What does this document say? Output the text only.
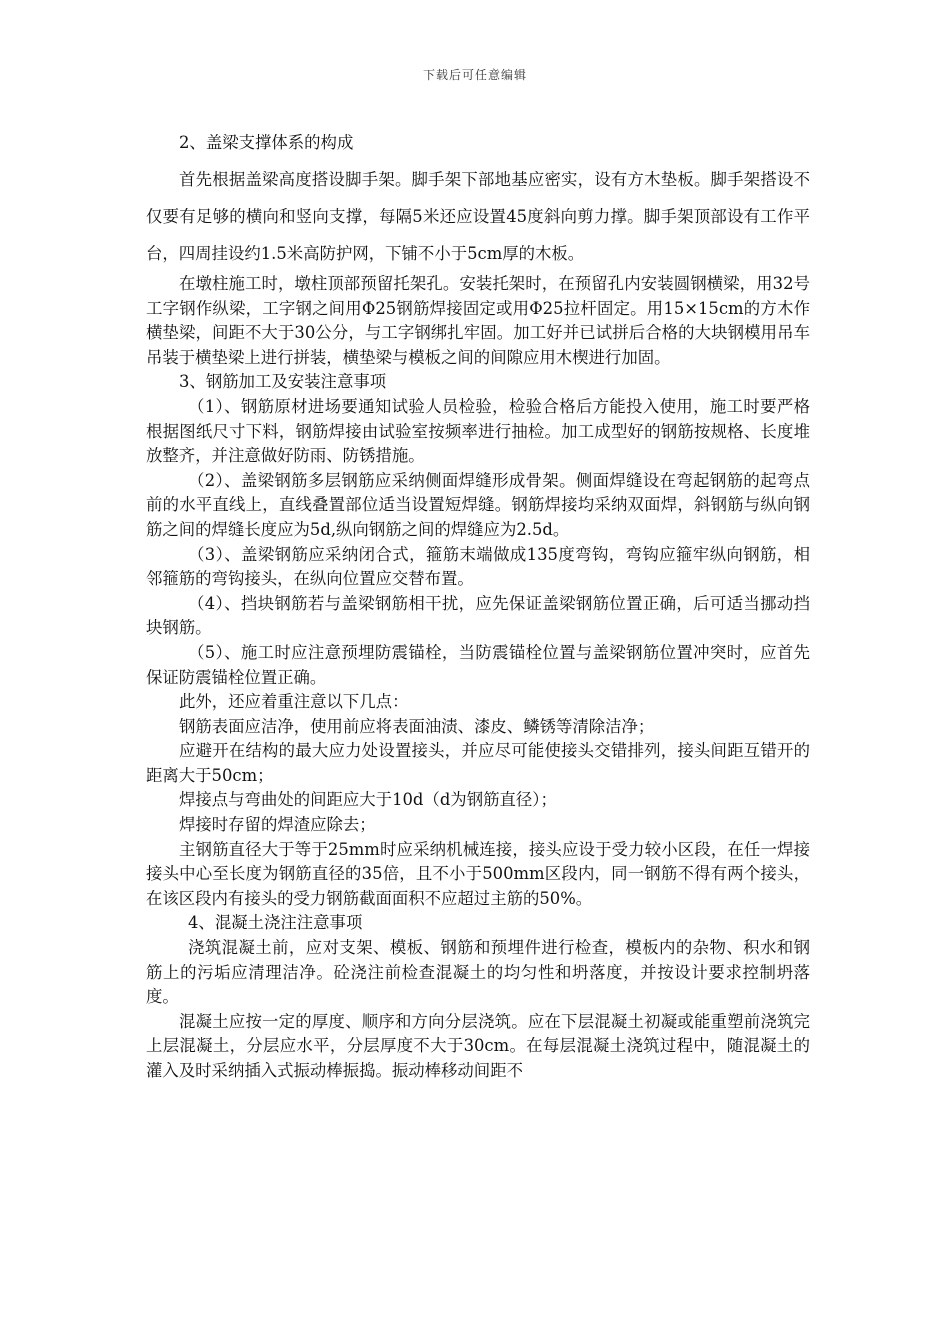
下载后可任意编辑

2、盖梁支撑体系的构成

首先根据盖梁高度搭设脚手架。脚手架下部地基应密实，设有方木垫板。脚手架搭设不仅要有足够的横向和竖向支撑，每隔5米还应设置45度斜向剪力撑。脚手架顶部设有工作平台，四周挂设约1.5米高防护网，下铺不小于5cm厚的木板。

在墩柱施工时，墩柱顶部预留托架孔。安装托架时，在预留孔内安装圆钢横梁，用32号工字钢作纵梁，工字钢之间用Φ25钢筋焊接固定或用Φ25拉杆固定。用15×15cm的方木作横垫梁，间距不大于30公分，与工字钢绑扎牢固。加工好并已试拼后合格的大块钢模用吊车吊装于横垫梁上进行拼装，横垫梁与模板之间的间隙应用木楔进行加固。

3、钢筋加工及安装注意事项

（1）、钢筋原材进场要通知试验人员检验，检验合格后方能投入使用，施工时要严格根据图纸尺寸下料，钢筋焊接由试验室按频率进行抽检。加工成型好的钢筋按规格、长度堆放整齐，并注意做好防雨、防锈措施。

（2）、盖梁钢筋多层钢筋应采纳侧面焊缝形成骨架。侧面焊缝设在弯起钢筋的起弯点前的水平直线上，直线叠置部位适当设置短焊缝。钢筋焊接均采纳双面焊，斜钢筋与纵向钢筋之间的焊缝长度应为5d,纵向钢筋之间的焊缝应为2.5d。

（3）、盖梁钢筋应采纳闭合式，箍筋末端做成135度弯钩，弯钩应箍牢纵向钢筋，相邻箍筋的弯钩接头，在纵向位置应交替布置。

（4）、挡块钢筋若与盖梁钢筋相干扰，应先保证盖梁钢筋位置正确，后可适当挪动挡块钢筋。

（5）、施工时应注意预埋防震锚栓，当防震锚栓位置与盖梁钢筋位置冲突时，应首先保证防震锚栓位置正确。

此外，还应着重注意以下几点：

钢筋表面应洁净，使用前应将表面油渍、漆皮、鳞锈等清除洁净；

应避开在结构的最大应力处设置接头，并应尽可能使接头交错排列，接头间距互错开的距离大于50cm；

焊接点与弯曲处的间距应大于10d（d为钢筋直径）；

焊接时存留的焊渣应除去；

主钢筋直径大于等于25mm时应采纳机械连接，接头应设于受力较小区段，在任一焊接接头中心至长度为钢筋直径的35倍，且不小于500mm区段内，同一钢筋不得有两个接头，在该区段内有接头的受力钢筋截面面积不应超过主筋的50%。

4、混凝土浇注注意事项

浇筑混凝土前，应对支架、模板、钢筋和预埋件进行检查，模板内的杂物、积水和钢筋上的污垢应清理洁净。砼浇注前检查混凝土的均匀性和坍落度，并按设计要求控制坍落度。

混凝土应按一定的厚度、顺序和方向分层浇筑。应在下层混凝土初凝或能重塑前浇筑完上层混凝土，分层应水平，分层厚度不大于30cm。在每层混凝土浇筑过程中，随混凝土的灌入及时采纳插入式振动棒振捣。振动棒移动间距不
